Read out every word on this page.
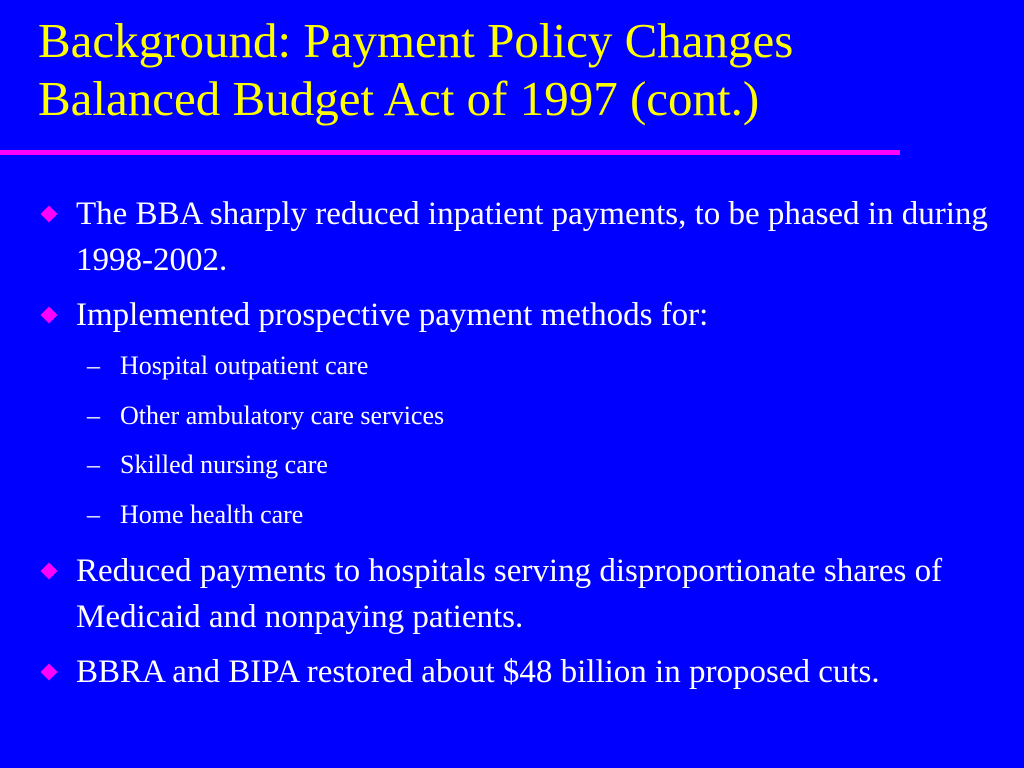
Background: Payment Policy Changes
Balanced Budget Act of 1997 (cont.)
The BBA sharply reduced inpatient payments, to be phased in during 1998-2002.
Implemented prospective payment methods for:
– Hospital outpatient care
– Other ambulatory care services
– Skilled nursing care
– Home health care
Reduced payments to hospitals serving disproportionate shares of Medicaid and nonpaying patients.
BBRA and BIPA restored about $48 billion in proposed cuts.
